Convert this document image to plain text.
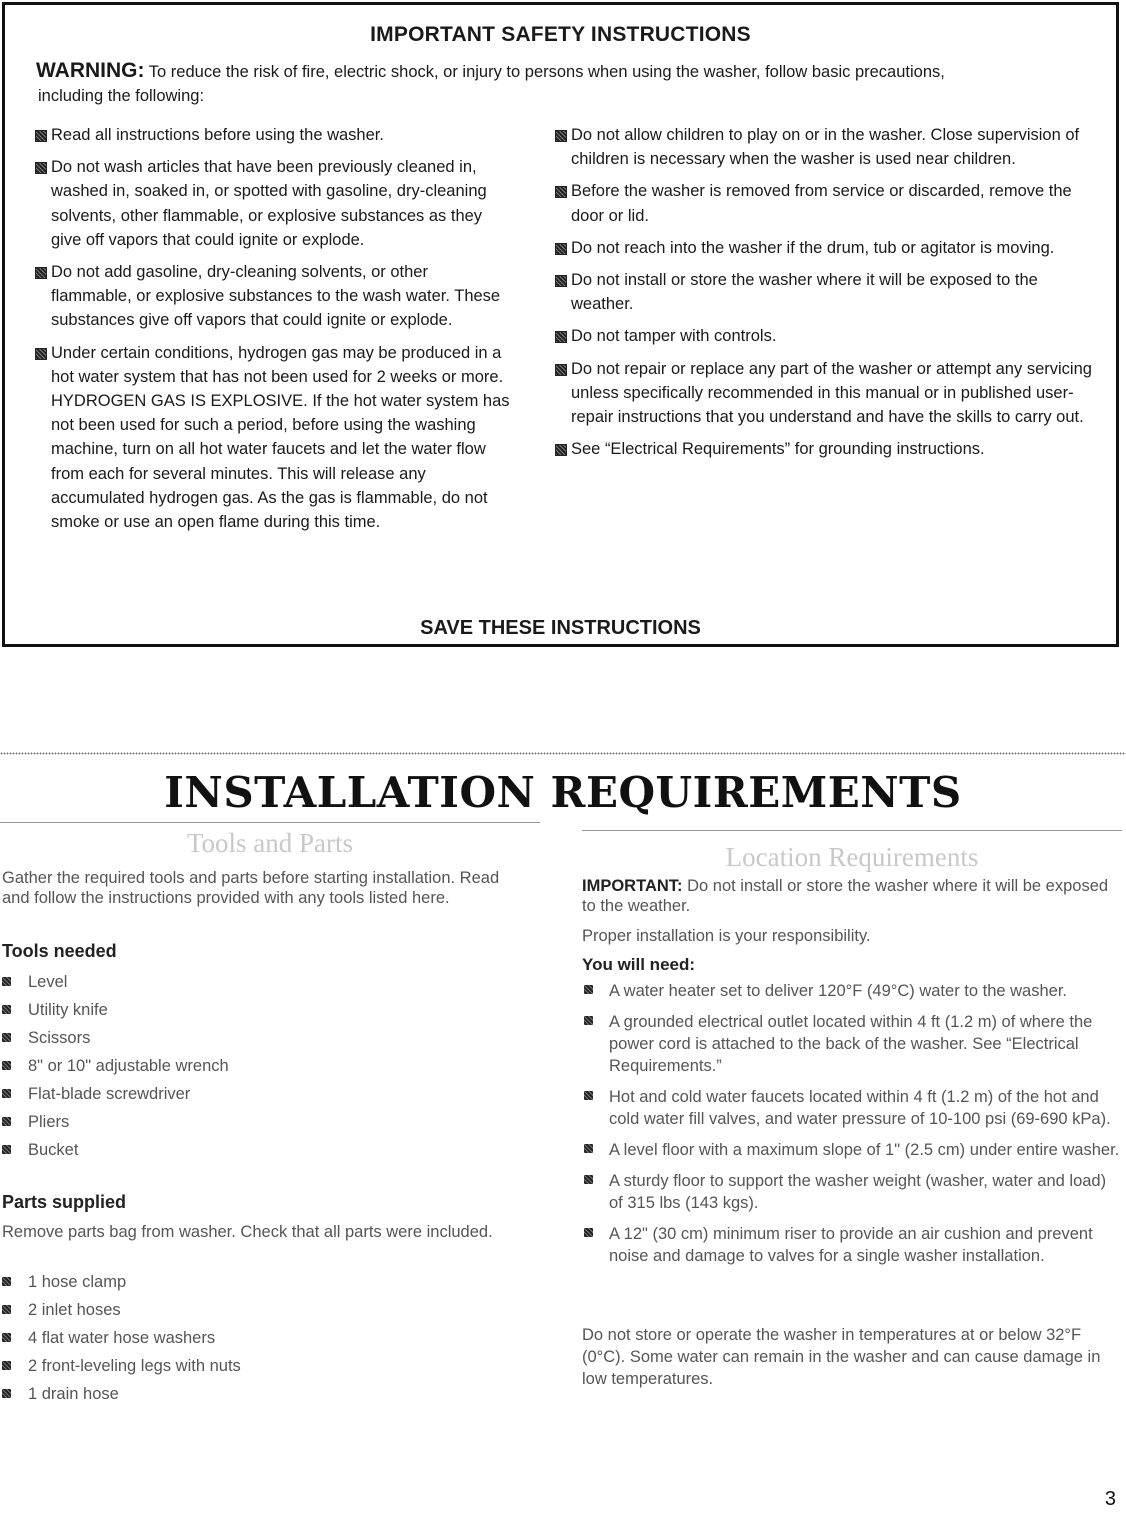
IMPORTANT SAFETY INSTRUCTIONS
WARNING: To reduce the risk of fire, electric shock, or injury to persons when using the washer, follow basic precautions,
including the following:
Read all instructions before using the washer.
Do not wash articles that have been previously cleaned in, washed in, soaked in, or spotted with gasoline, dry-cleaning solvents, other flammable, or explosive substances as they give off vapors that could ignite or explode.
Do not add gasoline, dry-cleaning solvents, or other flammable, or explosive substances to the wash water. These substances give off vapors that could ignite or explode.
Under certain conditions, hydrogen gas may be produced in a hot water system that has not been used for 2 weeks or more. HYDROGEN GAS IS EXPLOSIVE. If the hot water system has not been used for such a period, before using the washing machine, turn on all hot water faucets and let the water flow from each for several minutes. This will release any accumulated hydrogen gas. As the gas is flammable, do not smoke or use an open flame during this time.
Do not allow children to play on or in the washer. Close supervision of children is necessary when the washer is used near children.
Before the washer is removed from service or discarded, remove the door or lid.
Do not reach into the washer if the drum, tub or agitator is moving.
Do not install or store the washer where it will be exposed to the weather.
Do not tamper with controls.
Do not repair or replace any part of the washer or attempt any servicing unless specifically recommended in this manual or in published user-repair instructions that you understand and have the skills to carry out.
See “Electrical Requirements” for grounding instructions.
SAVE THESE INSTRUCTIONS
INSTALLATION REQUIREMENTS
Tools and Parts
Gather the required tools and parts before starting installation. Read and follow the instructions provided with any tools listed here.
Tools needed
Level
Utility knife
Scissors
8" or 10" adjustable wrench
Flat-blade screwdriver
Pliers
Bucket
Parts supplied
Remove parts bag from washer. Check that all parts were included.
1 hose clamp
2 inlet hoses
4 flat water hose washers
2 front-leveling legs with nuts
1 drain hose
Location Requirements
IMPORTANT: Do not install or store the washer where it will be exposed to the weather.
Proper installation is your responsibility.
You will need:
A water heater set to deliver 120°F (49°C) water to the washer.
A grounded electrical outlet located within 4 ft (1.2 m) of where the power cord is attached to the back of the washer. See “Electrical Requirements.”
Hot and cold water faucets located within 4 ft (1.2 m) of the hot and cold water fill valves, and water pressure of 10-100 psi (69-690 kPa).
A level floor with a maximum slope of 1" (2.5 cm) under entire washer.
A sturdy floor to support the washer weight (washer, water and load) of 315 lbs (143 kgs).
A 12" (30 cm) minimum riser to provide an air cushion and prevent noise and damage to valves for a single washer installation.
Do not store or operate the washer in temperatures at or below 32°F (0°C). Some water can remain in the washer and can cause damage in low temperatures.
3
